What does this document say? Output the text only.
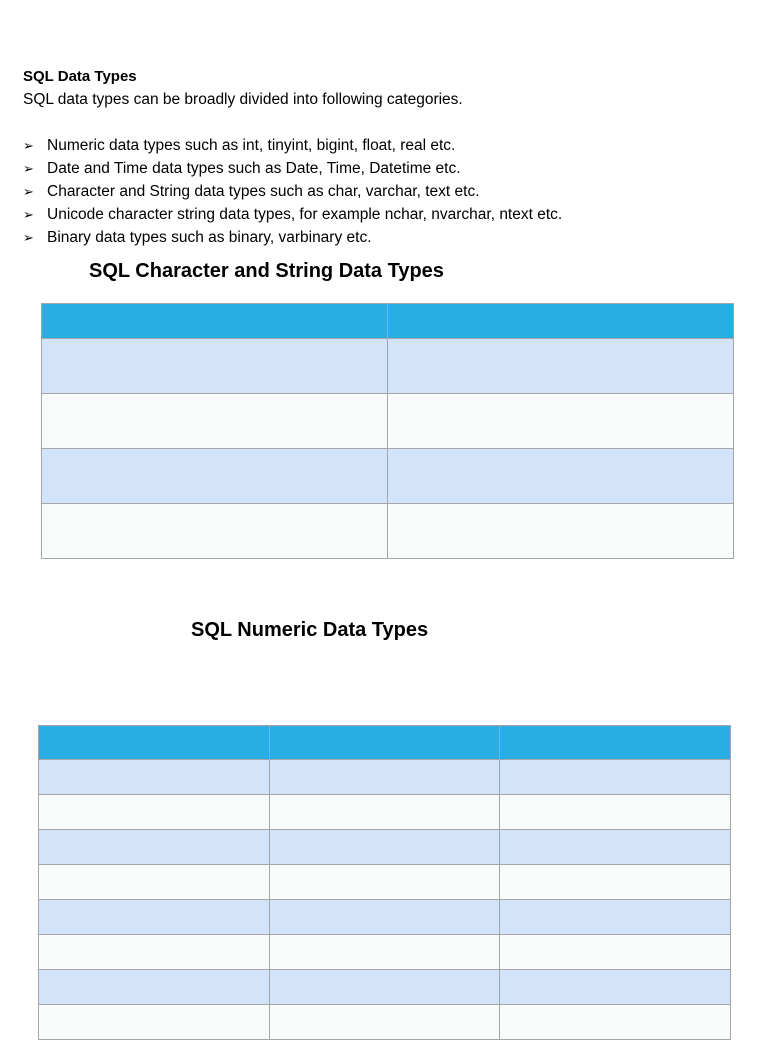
SQL Data Types
SQL data types can be broadly divided into following categories.
➢ Numeric data types such as int, tinyint, bigint, float, real etc.
➢ Date and Time data types such as Date, Time, Datetime etc.
➢ Character and String data types such as char, varchar, text etc.
➢ Unicode character string data types, for example nchar, nvarchar, ntext etc.
➢ Binary data types such as binary, varbinary etc.
SQL Character and String Data Types

SQL Numeric Data Types
